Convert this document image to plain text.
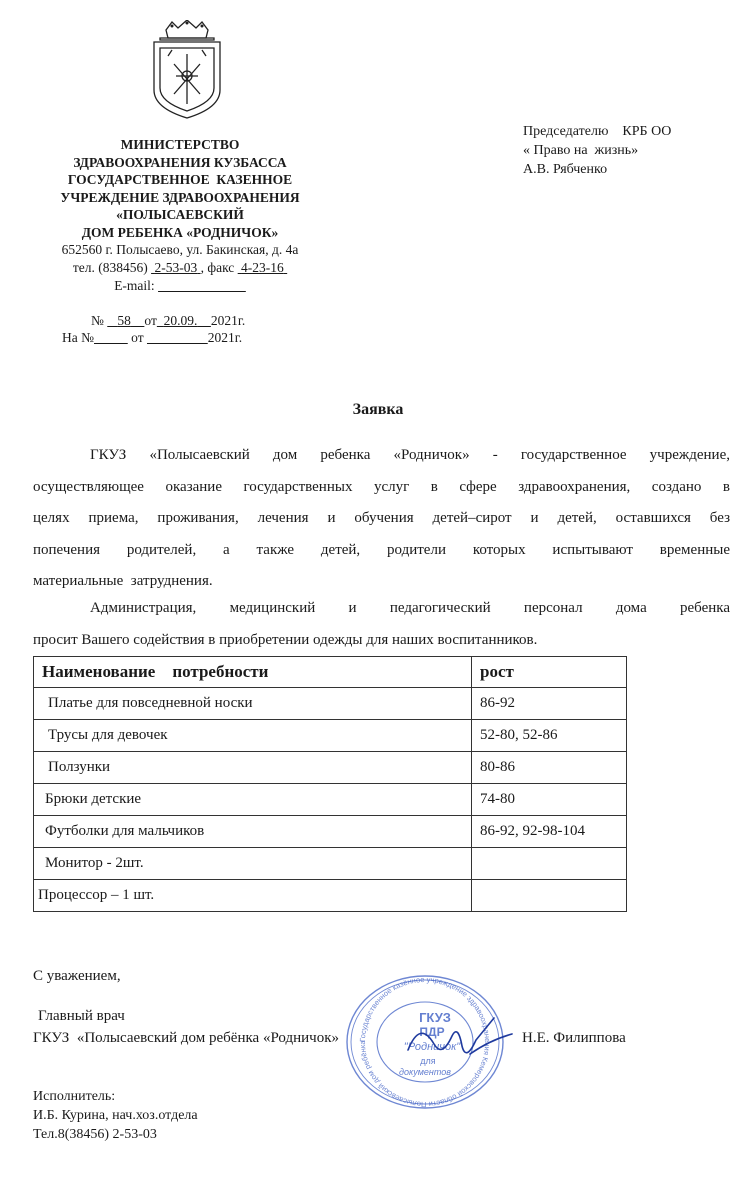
МИНИСТЕРСТВО
ЗДРАВООХРАНЕНИЯ КУЗБАССА
ГОСУДАРСТВЕННОЕ  КАЗЕННОЕ
УЧРЕЖДЕНИЕ ЗДРАВООХРАНЕНИЯ
«ПОЛЫСАЕВСКИЙ
ДОМ РЕБЕНКА «РОДНИЧОК»
652560 г. Полысаево, ул. Бакинская, д. 4а
тел. (838456) 2-53-03 , факс 4-23-16
E-mail:
№ 58 от 20.09. 2021г.
На №	от	2021г.
Председателю    КРБ ОО
« Право на  жизнь»
А.В. Рябченко
Заявка
ГКУЗ «Полысаевский дом ребенка «Родничок» - государственное учреждение,
осуществляющее оказание государственных услуг в сфере здравоохранения, создано в
целях приема, проживания, лечения и обучения детей–сирот и детей, оставшихся без
попечения родителей, а также детей, родители которых испытывают временные
материальные  затруднения.
Администрация, медицинский и педагогический персонал дома ребенка
просит Вашего содействия в приобретении одежды для наших воспитанников.
Наименование    потребности	рост
Платье для повседневной носки	86-92
Трусы для девочек	52-80, 52-86
Ползунки	80-86
Брюки детские	74-80
Футболки для мальчиков	86-92, 92-98-104
Монитор - 2шт.	
Процессор – 1 шт.	
С уважением,
Главный врач
ГКУЗ  «Полысаевский дом ребёнка «Родничок»	Н.Е. Филиппова
Государственное казённое учреждение здравоохранения Кемеровской области Полысаевский дом ребёнка
ГКУЗ
ПДР
"Родничок"
для
документов
Исполнитель:
И.Б. Курина, нач.хоз.отдела
Тел.8(38456) 2-53-03
